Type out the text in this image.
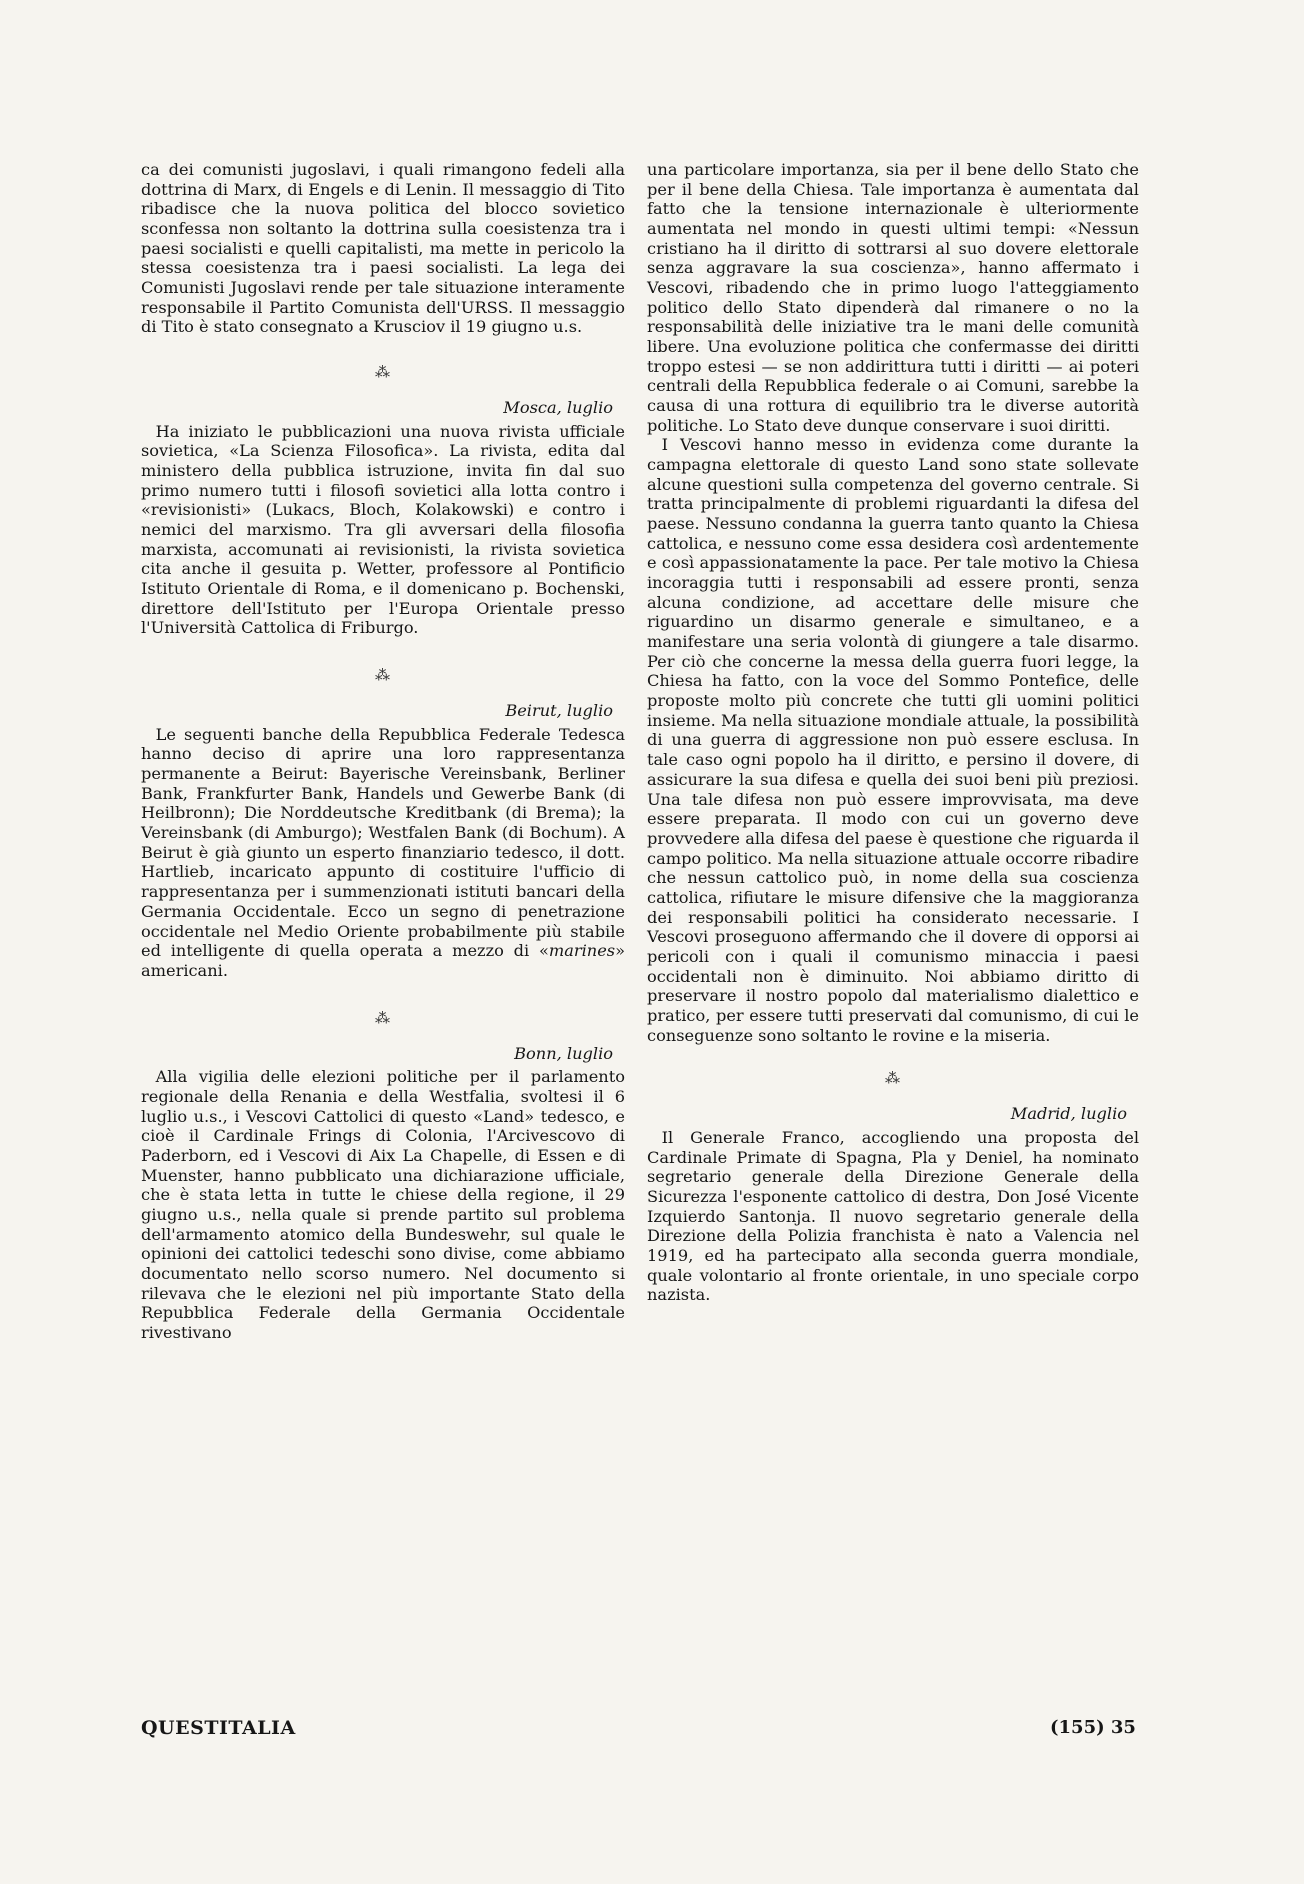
ca dei comunisti jugoslavi, i quali rimangono fedeli alla dottrina di Marx, di Engels e di Lenin. Il messaggio di Tito ribadisce che la nuova politica del blocco sovietico sconfessa non soltanto la dottrina sulla coesistenza tra i paesi socialisti e quelli capitalisti, ma mette in pericolo la stessa coesistenza tra i paesi socialisti. La lega dei Comunisti Jugoslavi rende per tale situazione interamente responsabile il Partito Comunista dell'URSS. Il messaggio di Tito è stato consegnato a Krusciov il 19 giugno u.s.

⁂
Mosca, luglio

Ha iniziato le pubblicazioni una nuova rivista ufficiale sovietica, «La Scienza Filosofica». La rivista, edita dal ministero della pubblica istruzione, invita fin dal suo primo numero tutti i filosofi sovietici alla lotta contro i «revisionisti» (Lukacs, Bloch, Kolakowski) e contro i nemici del marxismo. Tra gli avversari della filosofia marxista, accomunati ai revisionisti, la rivista sovietica cita anche il gesuita p. Wetter, professore al Pontificio Istituto Orientale di Roma, e il domenicano p. Bochenski, direttore dell'Istituto per l'Europa Orientale presso l'Università Cattolica di Friburgo.

⁂
Beirut, luglio

Le seguenti banche della Repubblica Federale Tedesca hanno deciso di aprire una loro rappresentanza permanente a Beirut: Bayerische Vereinsbank, Berliner Bank, Frankfurter Bank, Handels und Gewerbe Bank (di Heilbronn); Die Norddeutsche Kreditbank (di Brema); la Vereinsbank (di Amburgo); Westfalen Bank (di Bochum). A Beirut è già giunto un esperto finanziario tedesco, il dott. Hartlieb, incaricato appunto di costituire l'ufficio di rappresentanza per i summenzionati istituti bancari della Germania Occidentale. Ecco un segno di penetrazione occidentale nel Medio Oriente probabilmente più stabile ed intelligente di quella operata a mezzo di «marines» americani.

⁂
Bonn, luglio

Alla vigilia delle elezioni politiche per il parlamento regionale della Renania e della Westfalia, svoltesi il 6 luglio u.s., i Vescovi Cattolici di questo «Land» tedesco, e cioè il Cardinale Frings di Colonia, l'Arcivescovo di Paderborn, ed i Vescovi di Aix La Chapelle, di Essen e di Muenster, hanno pubblicato una dichiarazione ufficiale, che è stata letta in tutte le chiese della regione, il 29 giugno u.s., nella quale si prende partito sul problema dell'armamento atomico della Bundeswehr, sul quale le opinioni dei cattolici tedeschi sono divise, come abbiamo documentato nello scorso numero. Nel documento si rilevava che le elezioni nel più importante Stato della Repubblica Federale della Germania Occidentale rivestivano

una particolare importanza, sia per il bene dello Stato che per il bene della Chiesa. Tale importanza è aumentata dal fatto che la tensione internazionale è ulteriormente aumentata nel mondo in questi ultimi tempi: «Nessun cristiano ha il diritto di sottrarsi al suo dovere elettorale senza aggravare la sua coscienza», hanno affermato i Vescovi, ribadendo che in primo luogo l'atteggiamento politico dello Stato dipenderà dal rimanere o no la responsabilità delle iniziative tra le mani delle comunità libere. Una evoluzione politica che confermasse dei diritti troppo estesi — se non addirittura tutti i diritti — ai poteri centrali della Repubblica federale o ai Comuni, sarebbe la causa di una rottura di equilibrio tra le diverse autorità politiche. Lo Stato deve dunque conservare i suoi diritti.

I Vescovi hanno messo in evidenza come durante la campagna elettorale di questo Land sono state sollevate alcune questioni sulla competenza del governo centrale. Si tratta principalmente di problemi riguardanti la difesa del paese. Nessuno condanna la guerra tanto quanto la Chiesa cattolica, e nessuno come essa desidera così ardentemente e così appassionatamente la pace. Per tale motivo la Chiesa incoraggia tutti i responsabili ad essere pronti, senza alcuna condizione, ad accettare delle misure che riguardino un disarmo generale e simultaneo, e a manifestare una seria volontà di giungere a tale disarmo. Per ciò che concerne la messa della guerra fuori legge, la Chiesa ha fatto, con la voce del Sommo Pontefice, delle proposte molto più concrete che tutti gli uomini politici insieme. Ma nella situazione mondiale attuale, la possibilità di una guerra di aggressione non può essere esclusa. In tale caso ogni popolo ha il diritto, e persino il dovere, di assicurare la sua difesa e quella dei suoi beni più preziosi. Una tale difesa non può essere improvvisata, ma deve essere preparata. Il modo con cui un governo deve provvedere alla difesa del paese è questione che riguarda il campo politico. Ma nella situazione attuale occorre ribadire che nessun cattolico può, in nome della sua coscienza cattolica, rifiutare le misure difensive che la maggioranza dei responsabili politici ha considerato necessarie. I Vescovi proseguono affermando che il dovere di opporsi ai pericoli con i quali il comunismo minaccia i paesi occidentali non è diminuito. Noi abbiamo diritto di preservare il nostro popolo dal materialismo dialettico e pratico, per essere tutti preservati dal comunismo, di cui le conseguenze sono soltanto le rovine e la miseria.

⁂
Madrid, luglio

Il Generale Franco, accogliendo una proposta del Cardinale Primate di Spagna, Pla y Deniel, ha nominato segretario generale della Direzione Generale della Sicurezza l'esponente cattolico di destra, Don José Vicente Izquierdo Santonja. Il nuovo segretario generale della Direzione della Polizia franchista è nato a Valencia nel 1919, ed ha partecipato alla seconda guerra mondiale, quale volontario al fronte orientale, in uno speciale corpo nazista.

QUESTITALIA	(155) 35
